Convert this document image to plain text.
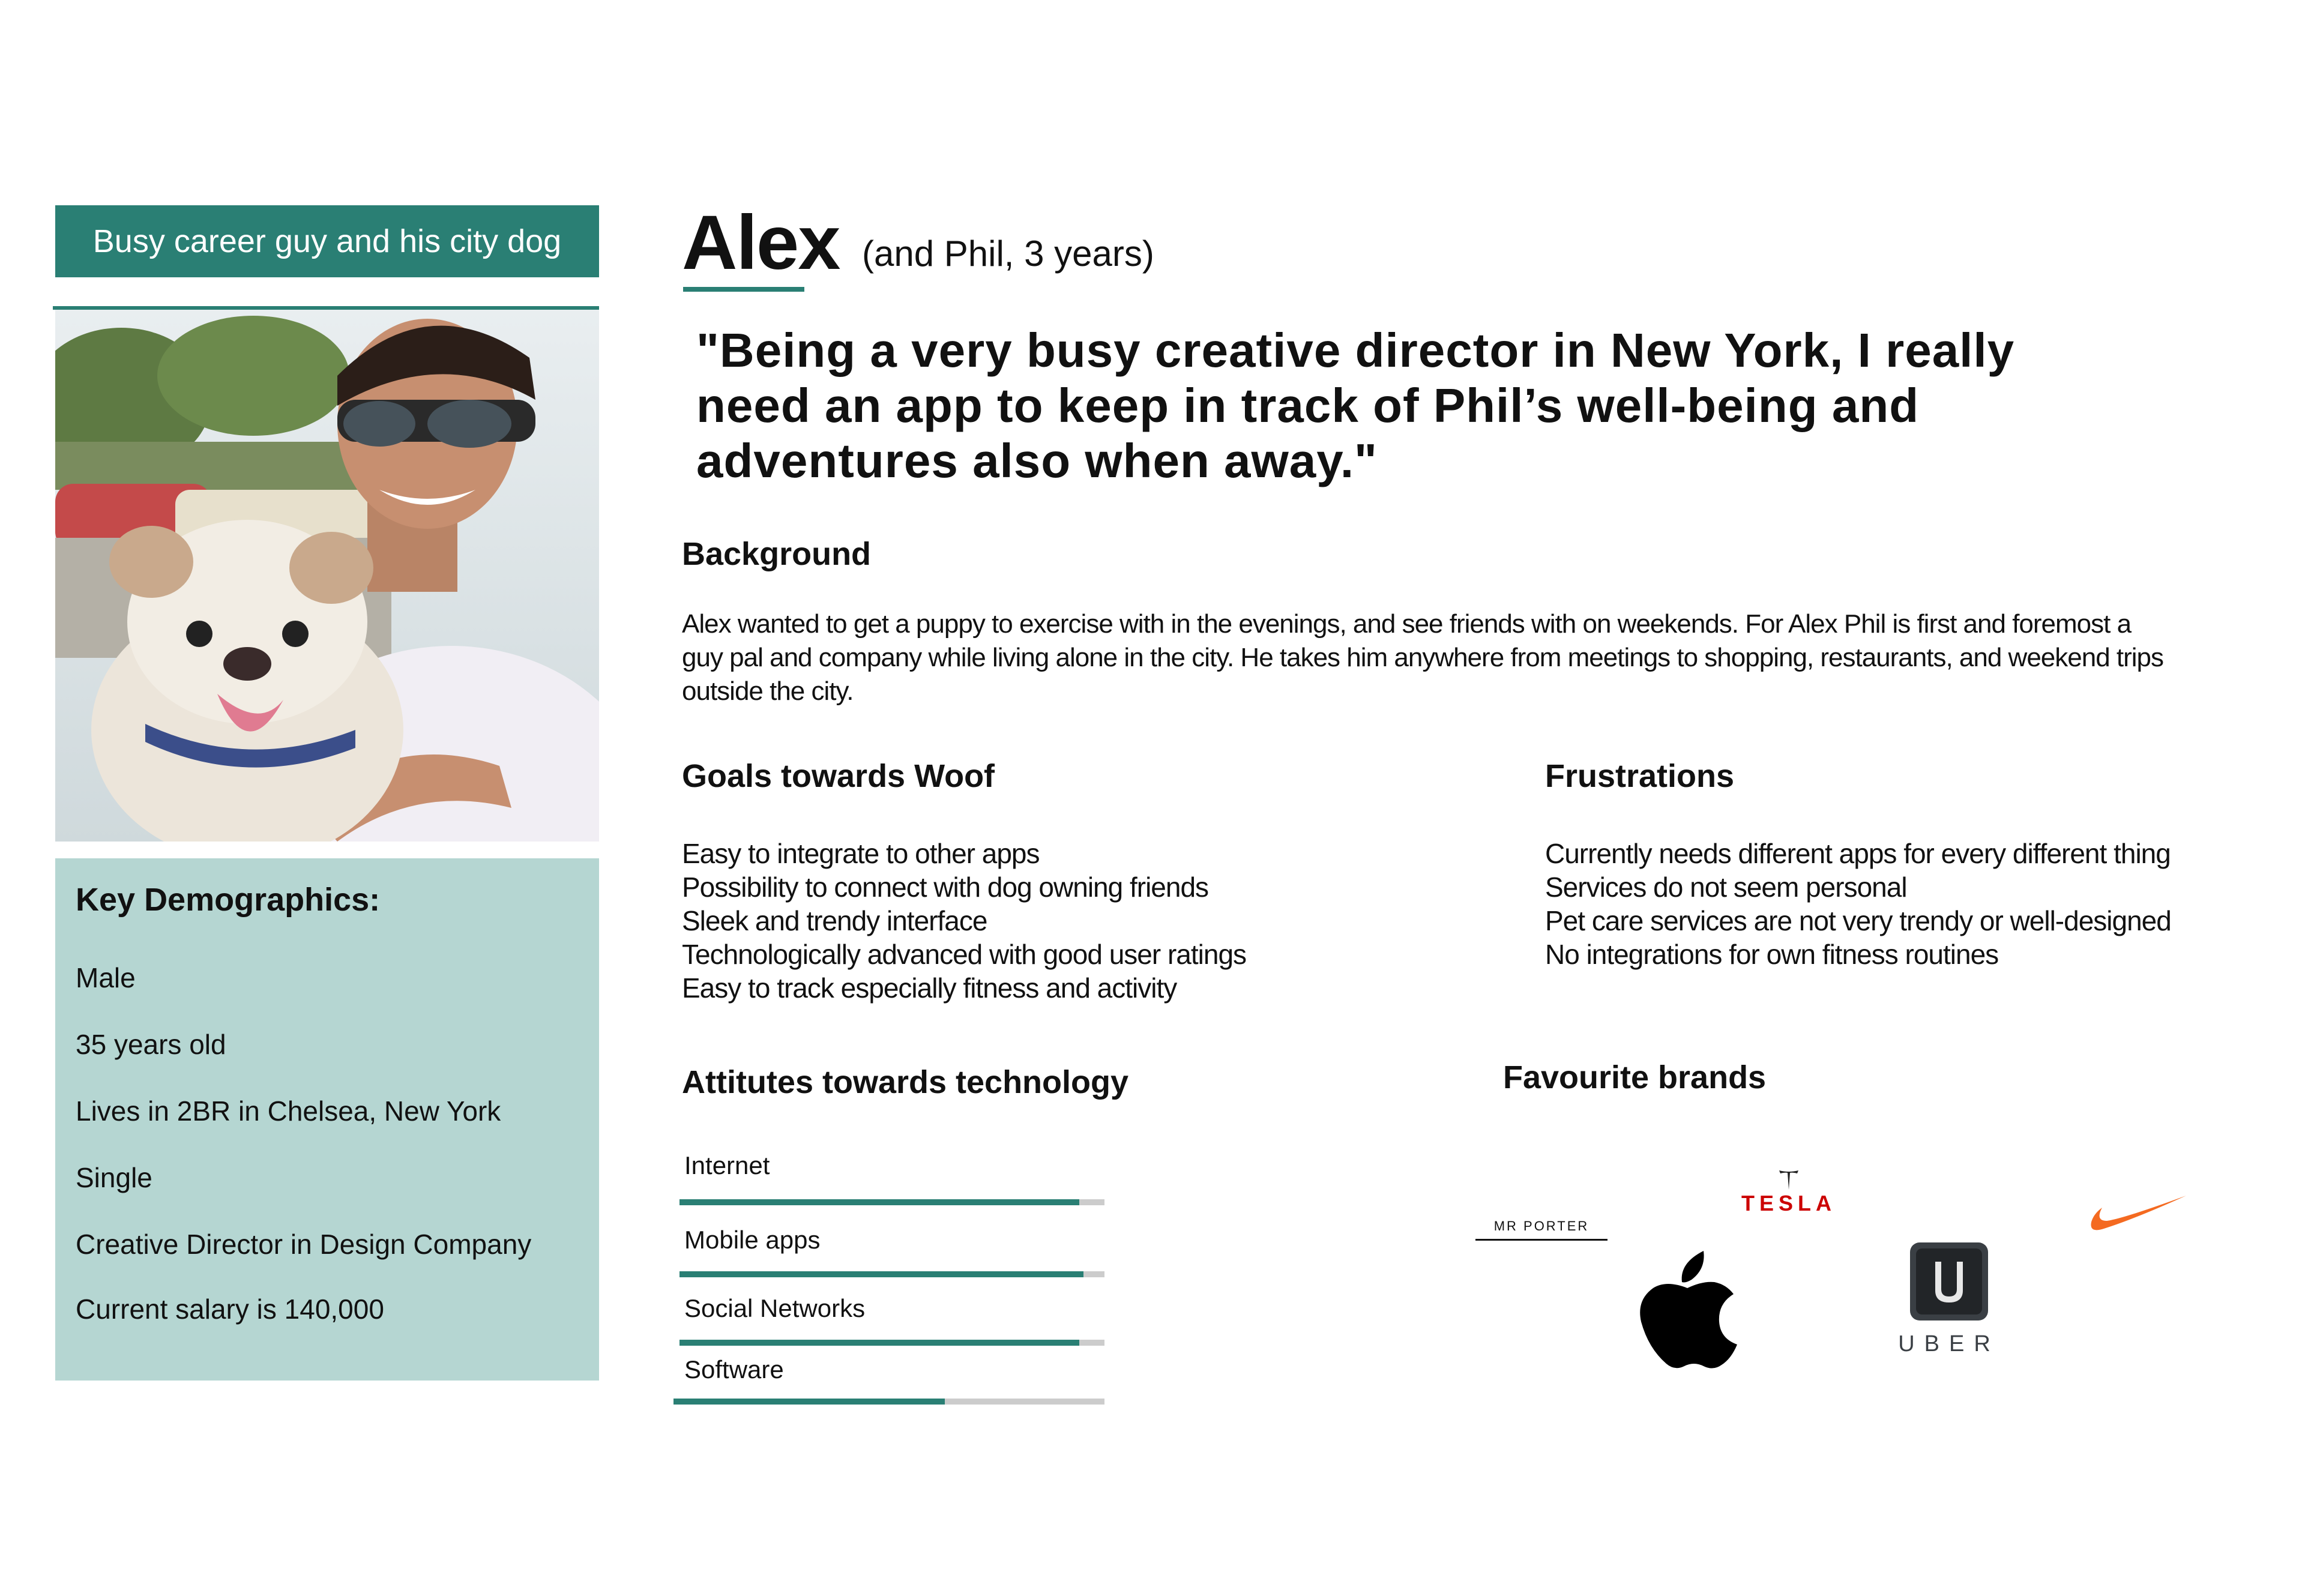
Busy career guy and his city dog
Key Demographics:
Male
35 years old
Lives in 2BR in Chelsea, New York
Single
Creative Director in Design Company
Current salary is 140,000
Alex (and Phil, 3 years)
"Being a very busy creative director in New York, I really need an app to keep in track of Phil’s well-being and adventures also when away."
Background
Alex wanted to get a puppy to exercise with in the evenings, and see friends with on weekends. For Alex Phil is first and foremost a guy pal and company while living alone in the city. He takes him anywhere from meetings to shopping, restaurants, and weekend trips outside the city.
Goals towards Woof
Easy to integrate to other apps
Possibility to connect with dog owning friends
Sleek and trendy interface
Technologically advanced with good user ratings
Easy to track especially fitness and activity
Frustrations
Currently needs different apps for every different thing
Services do not seem personal
Pet care services are not very trendy or well-designed
No integrations for own fitness routines
Attitutes towards technology
Internet
Mobile apps
Social Networks
Software
Favourite brands
MR PORTER
TESLA
UBER
